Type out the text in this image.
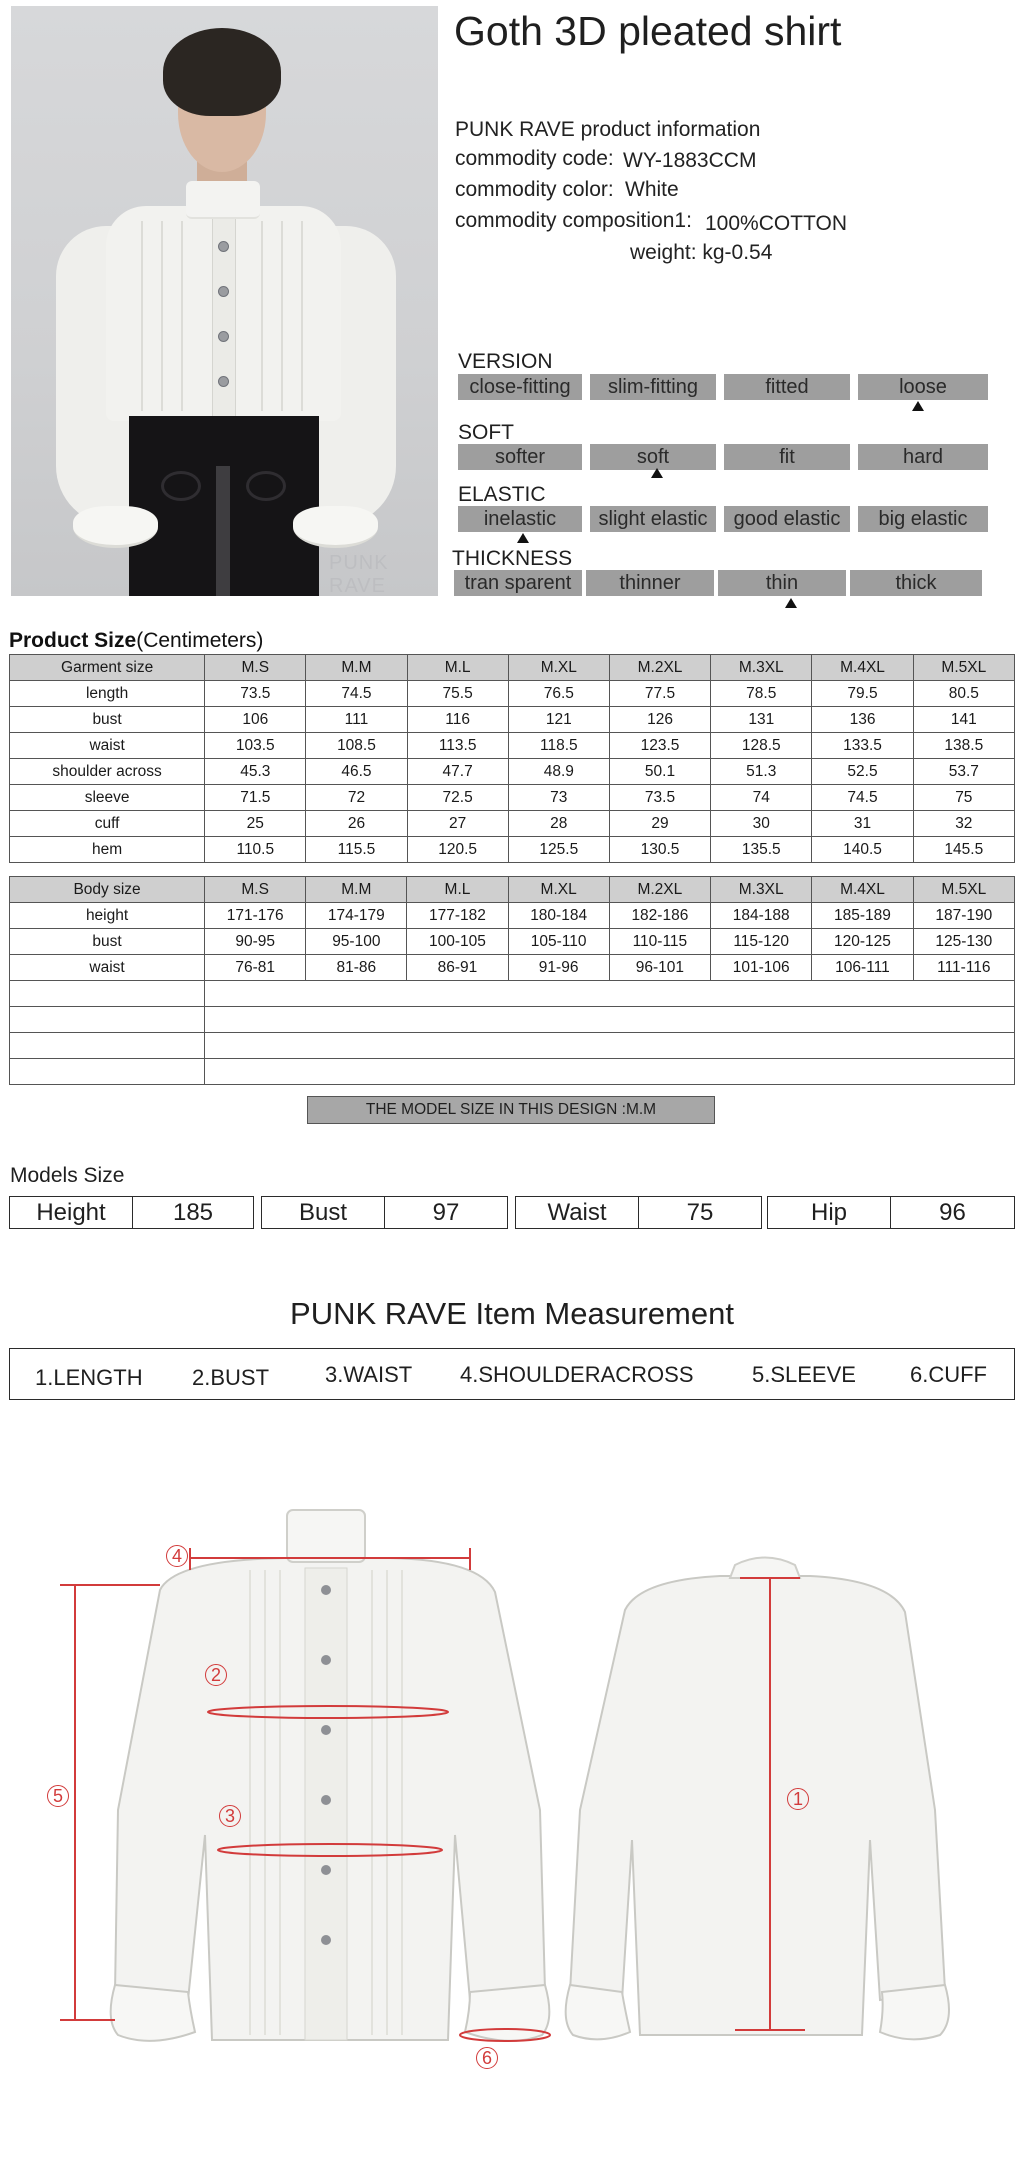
PUNK RAVE
Goth 3D pleated shirt
PUNK RAVE product information
commodity code: WY-1883CCM
commodity color: White
commodity composition1: 100%COTTON
weight: kg-0.54
VERSION
close-fitting	slim-fitting	fitted	loose
SOFT
softer	soft	fit	hard
ELASTIC
inelastic	slight elastic	good elastic	big elastic
THICKNESS
tran sparent	thinner	thin	thick
Product Size(Centimeters)
Garment size	M.S	M.M	M.L	M.XL	M.2XL	M.3XL	M.4XL	M.5XL
length	73.5	74.5	75.5	76.5	77.5	78.5	79.5	80.5
bust	106	111	116	121	126	131	136	141
waist	103.5	108.5	113.5	118.5	123.5	128.5	133.5	138.5
shoulder across	45.3	46.5	47.7	48.9	50.1	51.3	52.5	53.7
sleeve	71.5	72	72.5	73	73.5	74	74.5	75
cuff	25	26	27	28	29	30	31	32
hem	110.5	115.5	120.5	125.5	130.5	135.5	140.5	145.5
Body size	M.S	M.M	M.L	M.XL	M.2XL	M.3XL	M.4XL	M.5XL
height	171-176	174-179	177-182	180-184	182-186	184-188	185-189	187-190
bust	90-95	95-100	100-105	105-110	110-115	115-120	120-125	125-130
waist	76-81	81-86	86-91	91-96	96-101	101-106	106-111	111-116

THE MODEL SIZE IN THIS DESIGN :M.M
Models Size
Height	185	Bust	97	Waist	75	Hip	96
PUNK RAVE Item Measurement
1.LENGTH 2.BUST	3.WAIST 4.SHOULDERACROSS	5.SLEEVE 6.CUFF
4
2
3
5	1
6
